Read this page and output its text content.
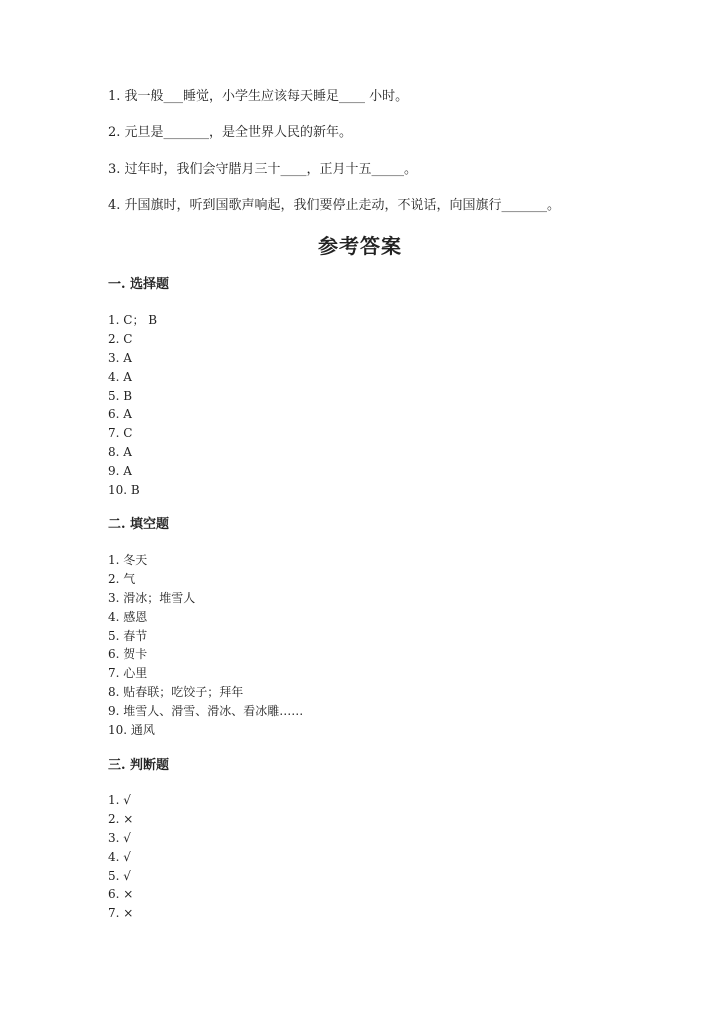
1. 我一般___睡觉，小学生应该每天睡足____ 小时。
2. 元旦是_______，是全世界人民的新年。
3. 过年时，我们会守腊月三十____，正月十五_____。
4. 升国旗时，听到国歌声响起，我们要停止走动，不说话，向国旗行_______。
参考答案
一. 选择题
1. C； B
2. C
3. A
4. A
5. B
6. A
7. C
8. A
9. A
10. B
二. 填空题
1. 冬天
2. 气
3. 滑冰；堆雪人
4. 感恩
5. 春节
6. 贺卡
7. 心里
8. 贴春联；吃饺子；拜年
9. 堆雪人、滑雪、滑冰、看冰雕……
10. 通风
三. 判断题
1. √
2. ×
3. √
4. √
5. √
6. ×
7. ×
